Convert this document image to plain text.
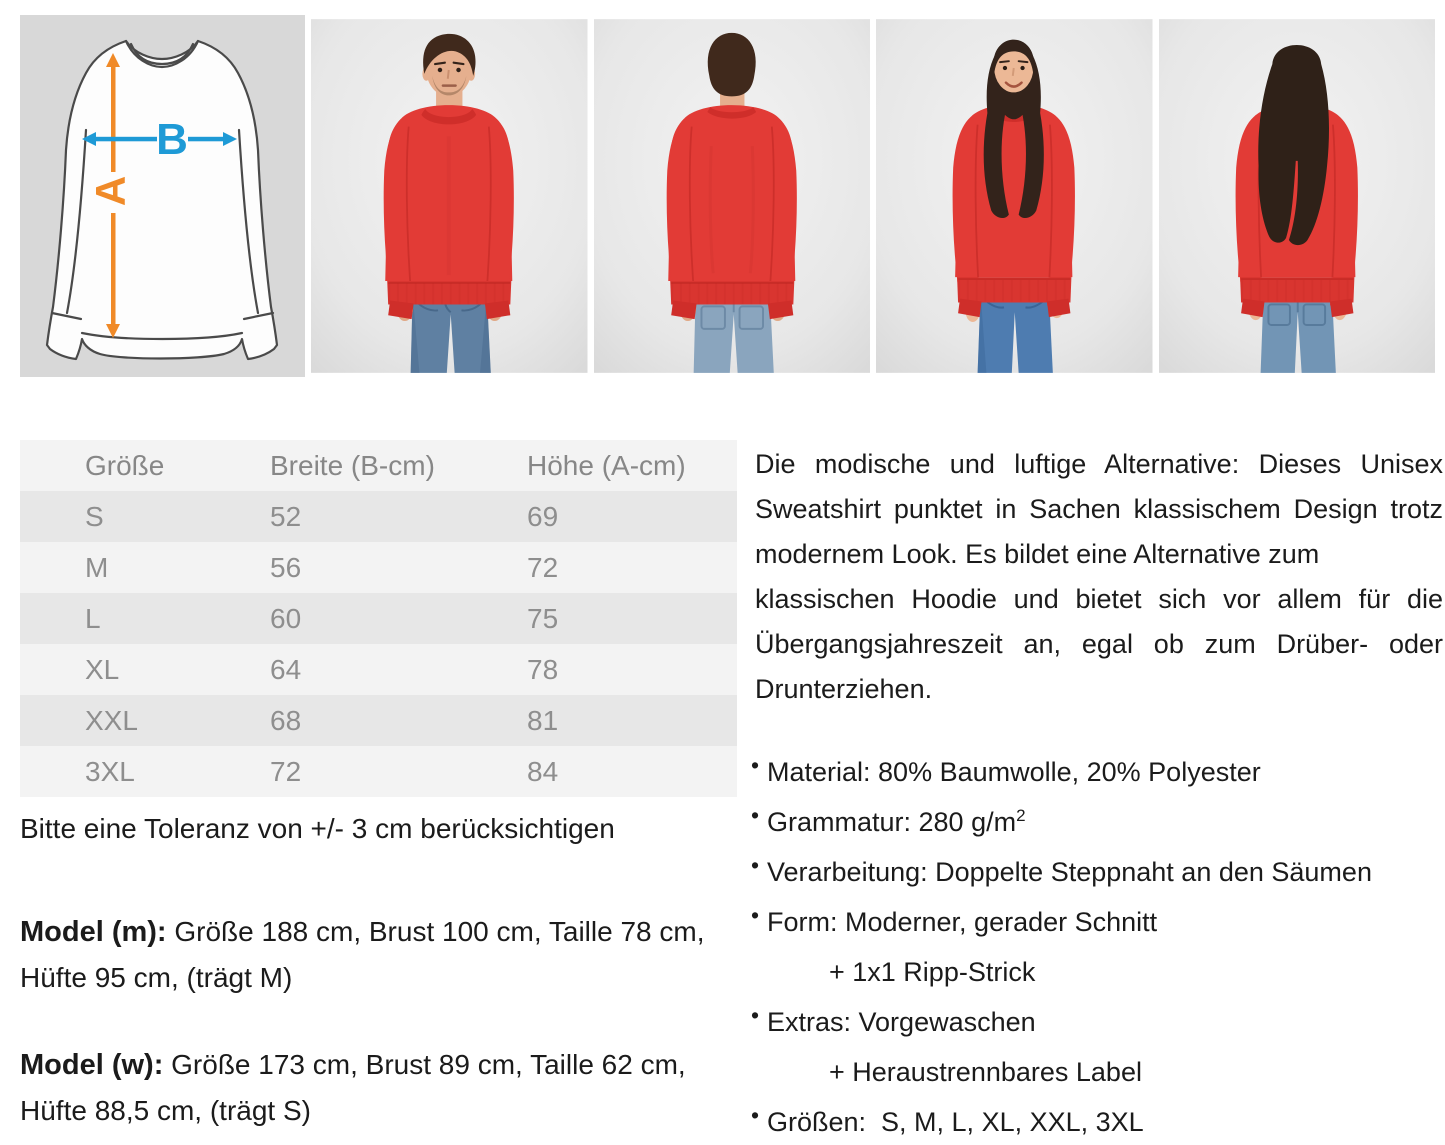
A
B
Größe	Breite (B-cm)	Höhe (A-cm)
S	52	69
M	56	72
L	60	75
XL	64	78
XXL	68	81
3XL	72	84
Bitte eine Toleranz von +/- 3 cm berücksichtigen
Model (m): Größe 188 cm, Brust 100 cm, Taille 78 cm,
Hüfte 95 cm, (trägt M)
Model (w): Größe 173 cm, Brust 89 cm, Taille 62 cm,
Hüfte 88,5 cm, (trägt S)
Die modische und luftige Alternative: Dieses Unisex
Sweatshirt punktet in Sachen klassischem Design trotz
modernem Look. Es bildet eine Alternative zum
klassischen Hoodie und bietet sich vor allem für die
Übergangsjahreszeit an, egal ob zum Drüber- oder
Drunterziehen.
• Material: 80% Baumwolle, 20% Polyester
• Grammatur: 280 $g/m^2$
• Verarbeitung: Doppelte Steppnaht an den Säumen
• Form: Moderner, gerader Schnitt
+ 1x1 Ripp-Strick
• Extras: Vorgewaschen
+ Heraustrennbares Label
• Größen:  S, M, L, XL, XXL, 3XL
